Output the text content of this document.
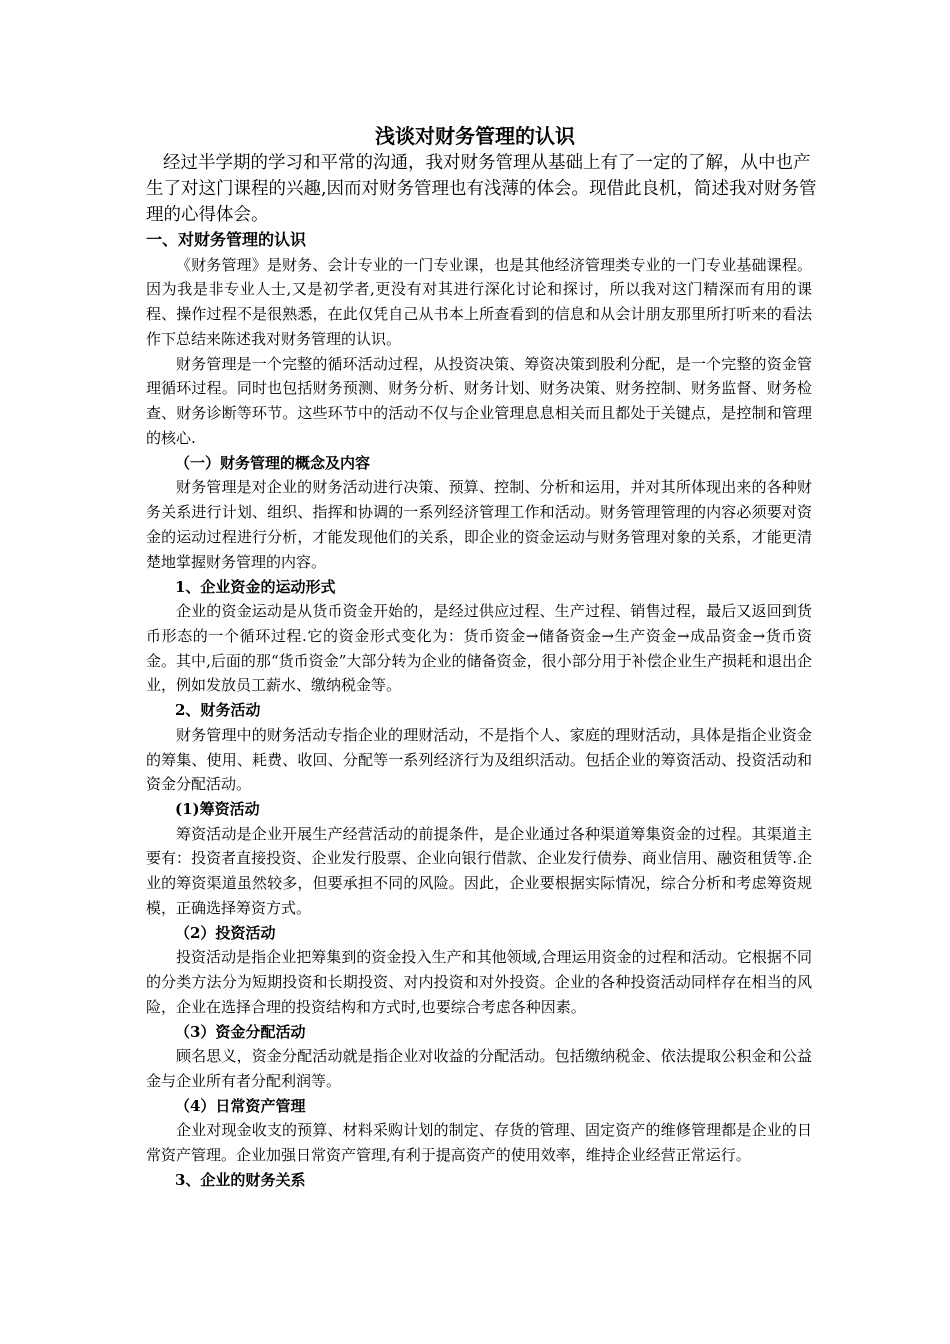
浅谈对财务管理的认识

经过半学期的学习和平常的沟通，我对财务管理从基础上有了一定的了解，从中也产生了对这门课程的兴趣,因而对财务管理也有浅薄的体会。现借此良机，简述我对财务管理的心得体会。

一、对财务管理的认识

《财务管理》是财务、会计专业的一门专业课，也是其他经济管理类专业的一门专业基础课程。因为我是非专业人士,又是初学者,更没有对其进行深化讨论和探讨，所以我对这门精深而有用的课程、操作过程不是很熟悉，在此仅凭自己从书本上所查看到的信息和从会计朋友那里所打听来的看法作下总结来陈述我对财务管理的认识。

财务管理是一个完整的循环活动过程，从投资决策、筹资决策到股利分配，是一个完整的资金管理循环过程。同时也包括财务预测、财务分析、财务计划、财务决策、财务控制、财务监督、财务检查、财务诊断等环节。这些环节中的活动不仅与企业管理息息相关而且都处于关键点，是控制和管理的核心.

（一）财务管理的概念及内容

财务管理是对企业的财务活动进行决策、预算、控制、分析和运用，并对其所体现出来的各种财务关系进行计划、组织、指挥和协调的一系列经济管理工作和活动。财务管理管理的内容必须要对资金的运动过程进行分析，才能发现他们的关系，即企业的资金运动与财务管理对象的关系，才能更清楚地掌握财务管理的内容。

1、企业资金的运动形式

企业的资金运动是从货币资金开始的，是经过供应过程、生产过程、销售过程，最后又返回到货币形态的一个循环过程.它的资金形式变化为：货币资金→储备资金→生产资金→成品资金→货币资金。其中,后面的那“货币资金”大部分转为企业的储备资金，很小部分用于补偿企业生产损耗和退出企业，例如发放员工薪水、缴纳税金等。

2、财务活动

财务管理中的财务活动专指企业的理财活动，不是指个人、家庭的理财活动，具体是指企业资金的筹集、使用、耗费、收回、分配等一系列经济行为及组织活动。包括企业的筹资活动、投资活动和资金分配活动。

(1)筹资活动

筹资活动是企业开展生产经营活动的前提条件，是企业通过各种渠道筹集资金的过程。其渠道主要有：投资者直接投资、企业发行股票、企业向银行借款、企业发行债券、商业信用、融资租赁等.企业的筹资渠道虽然较多，但要承担不同的风险。因此，企业要根据实际情况，综合分析和考虑筹资规模，正确选择筹资方式。

（2）投资活动

投资活动是指企业把筹集到的资金投入生产和其他领域,合理运用资金的过程和活动。它根据不同的分类方法分为短期投资和长期投资、对内投资和对外投资。企业的各种投资活动同样存在相当的风险，企业在选择合理的投资结构和方式时,也要综合考虑各种因素。

（3）资金分配活动

顾名思义，资金分配活动就是指企业对收益的分配活动。包括缴纳税金、依法提取公积金和公益金与企业所有者分配利润等。

（4）日常资产管理

企业对现金收支的预算、材料采购计划的制定、存货的管理、固定资产的维修管理都是企业的日常资产管理。企业加强日常资产管理,有利于提高资产的使用效率，维持企业经营正常运行。

3、企业的财务关系
